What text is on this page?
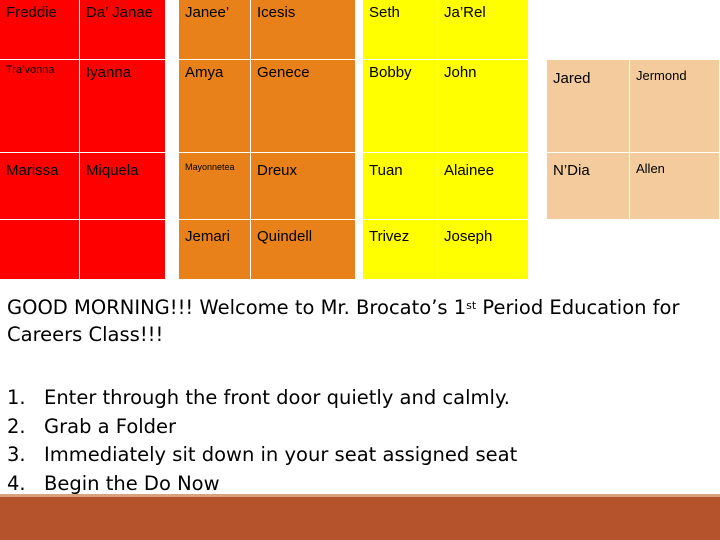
Freddie	Da’ Janae
Tra’vonna	Iyanna
Marissa	Miquela
Janee’	Icesis
Amya	Genece
Mayonnetea	Dreux
Jemari	Quindell
Seth	Ja’Rel
Bobby	John
Tuan	Alainee
Trivez	Joseph
Jared	Jermond
N’Dia	Allen
GOOD MORNING!!! Welcome to Mr. Brocato’s 1st Period Education for Careers Class!!!
1. Enter through the front door quietly and calmly.
2. Grab a Folder
3. Immediately sit down in your seat assigned seat
4. Begin the Do Now
